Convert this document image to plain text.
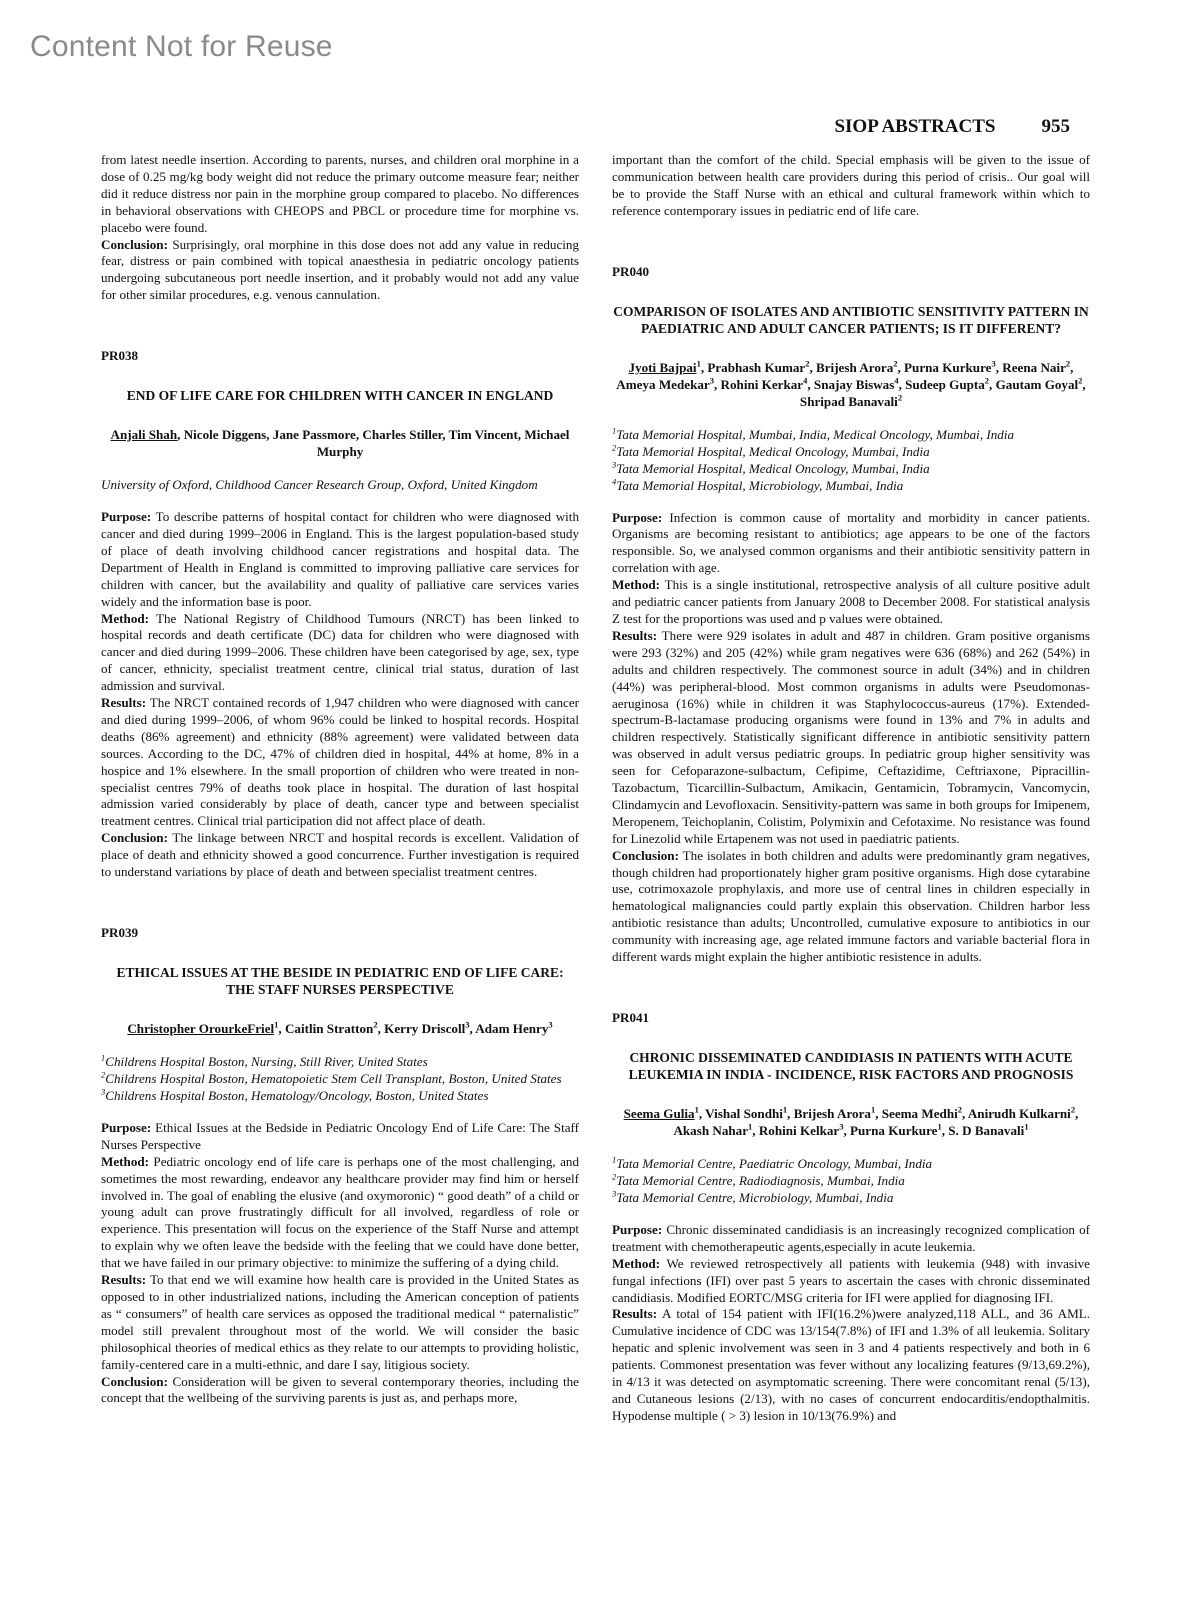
Content Not for Reuse
SIOP ABSTRACTS 955

from latest needle insertion. According to parents, nurses, and children oral morphine in a dose of 0.25 mg/kg body weight did not reduce the primary outcome measure fear; neither did it reduce distress nor pain in the morphine group compared to placebo. No differences in behavioral observations with CHEOPS and PBCL or procedure time for morphine vs. placebo were found.

Conclusion: Surprisingly, oral morphine in this dose does not add any value in reducing fear, distress or pain combined with topical anaesthesia in pediatric oncology patients undergoing subcutaneous port needle insertion, and it probably would not add any value for other similar procedures, e.g. venous cannulation.

PR038

END OF LIFE CARE FOR CHILDREN WITH CANCER IN ENGLAND

Anjali Shah, Nicole Diggens, Jane Passmore, Charles Stiller, Tim Vincent, Michael Murphy

University of Oxford, Childhood Cancer Research Group, Oxford, United Kingdom

Purpose: To describe patterns of hospital contact for children who were diagnosed with cancer and died during 1999–2006 in England. This is the largest population-based study of place of death involving childhood cancer registrations and hospital data. The Department of Health in England is committed to improving palliative care services for children with cancer, but the availability and quality of palliative care services varies widely and the information base is poor.

Method: The National Registry of Childhood Tumours (NRCT) has been linked to hospital records and death certificate (DC) data for children who were diagnosed with cancer and died during 1999–2006. These children have been categorised by age, sex, type of cancer, ethnicity, specialist treatment centre, clinical trial status, duration of last admission and survival.

Results: The NRCT contained records of 1,947 children who were diagnosed with cancer and died during 1999–2006, of whom 96% could be linked to hospital records. Hospital deaths (86% agreement) and ethnicity (88% agreement) were validated between data sources. According to the DC, 47% of children died in hospital, 44% at home, 8% in a hospice and 1% elsewhere. In the small proportion of children who were treated in non-specialist centres 79% of deaths took place in hospital. The duration of last hospital admission varied considerably by place of death, cancer type and between specialist treatment centres. Clinical trial participation did not affect place of death.

Conclusion: The linkage between NRCT and hospital records is excellent. Validation of place of death and ethnicity showed a good concurrence. Further investigation is required to understand variations by place of death and between specialist treatment centres.

PR039

ETHICAL ISSUES AT THE BESIDE IN PEDIATRIC END OF LIFE CARE: THE STAFF NURSES PERSPECTIVE

Christopher OrourkeFriel$^1$, Caitlin Stratton$^2$, Kerry Driscoll$^3$, Adam Henry$^3$

$^1$Childrens Hospital Boston, Nursing, Still River, United States
$^2$Childrens Hospital Boston, Hematopoietic Stem Cell Transplant, Boston, United States
$^3$Childrens Hospital Boston, Hematology/Oncology, Boston, United States

Purpose: Ethical Issues at the Bedside in Pediatric Oncology End of Life Care: The Staff Nurses Perspective

Method: Pediatric oncology end of life care is perhaps one of the most challenging, and sometimes the most rewarding, endeavor any healthcare provider may find him or herself involved in. The goal of enabling the elusive (and oxymoronic) “ good death” of a child or young adult can prove frustratingly difficult for all involved, regardless of role or experience. This presentation will focus on the experience of the Staff Nurse and attempt to explain why we often leave the bedside with the feeling that we could have done better, that we have failed in our primary objective: to minimize the suffering of a dying child.

Results: To that end we will examine how health care is provided in the United States as opposed to in other industrialized nations, including the American conception of patients as “ consumers” of health care services as opposed the traditional medical “ paternalistic” model still prevalent throughout most of the world. We will consider the basic philosophical theories of medical ethics as they relate to our attempts to providing holistic, family-centered care in a multi-ethnic, and dare I say, litigious society.

Conclusion: Consideration will be given to several contemporary theories, including the concept that the wellbeing of the surviving parents is just as, and perhaps more,

important than the comfort of the child. Special emphasis will be given to the issue of communication between health care providers during this period of crisis.. Our goal will be to provide the Staff Nurse with an ethical and cultural framework within which to reference contemporary issues in pediatric end of life care.

PR040

COMPARISON OF ISOLATES AND ANTIBIOTIC SENSITIVITY PATTERN IN PAEDIATRIC AND ADULT CANCER PATIENTS; IS IT DIFFERENT?

Jyoti Bajpai$^1$, Prabhash Kumar$^2$, Brijesh Arora$^2$, Purna Kurkure$^3$, Reena Nair$^2$, Ameya Medekar$^3$, Rohini Kerkar$^4$, Snajay Biswas$^4$, Sudeep Gupta$^2$, Gautam Goyal$^2$, Shripad Banavali$^2$

$^1$Tata Memorial Hospital, Mumbai, India, Medical Oncology, Mumbai, India
$^2$Tata Memorial Hospital, Medical Oncology, Mumbai, India
$^3$Tata Memorial Hospital, Medical Oncology, Mumbai, India
$^4$Tata Memorial Hospital, Microbiology, Mumbai, India

Purpose: Infection is common cause of mortality and morbidity in cancer patients. Organisms are becoming resistant to antibiotics; age appears to be one of the factors responsible. So, we analysed common organisms and their antibiotic sensitivity pattern in correlation with age.

Method: This is a single institutional, retrospective analysis of all culture positive adult and pediatric cancer patients from January 2008 to December 2008. For statistical analysis Z test for the proportions was used and p values were obtained.

Results: There were 929 isolates in adult and 487 in children. Gram positive organisms were 293 (32%) and 205 (42%) while gram negatives were 636 (68%) and 262 (54%) in adults and children respectively. The commonest source in adult (34%) and in children (44%) was peripheral-blood. Most common organisms in adults were Pseudomonas- aeruginosa (16%) while in children it was Staphylococcus-aureus (17%). Extended-spectrum-B-lactamase producing organisms were found in 13% and 7% in adults and children respectively. Statistically significant difference in antibiotic sensitivity pattern was observed in adult versus pediatric groups. In pediatric group higher sensitivity was seen for Cefoparazone-sulbactum, Cefipime, Ceftazidime, Ceftriaxone, Pipracillin-Tazobactum, Ticarcillin-Sulbactum, Amikacin, Gentamicin, Tobramycin, Vancomycin, Clindamycin and Levofloxacin. Sensitivity-pattern was same in both groups for Imipenem, Meropenem, Teichoplanin, Colistim, Polymixin and Cefotaxime. No resistance was found for Linezolid while Ertapenem was not used in paediatric patients.

Conclusion: The isolates in both children and adults were predominantly gram negatives, though children had proportionately higher gram positive organisms. High dose cytarabine use, cotrimoxazole prophylaxis, and more use of central lines in children especially in hematological malignancies could partly explain this observation. Children harbor less antibiotic resistance than adults; Uncontrolled, cumulative exposure to antibiotics in our community with increasing age, age related immune factors and variable bacterial flora in different wards might explain the higher antibiotic resistence in adults.

PR041

CHRONIC DISSEMINATED CANDIDIASIS IN PATIENTS WITH ACUTE LEUKEMIA IN INDIA - INCIDENCE, RISK FACTORS AND PROGNOSIS

Seema Gulia$^1$, Vishal Sondhi$^1$, Brijesh Arora$^1$, Seema Medhi$^2$, Anirudh Kulkarni$^2$, Akash Nahar$^1$, Rohini Kelkar$^3$, Purna Kurkure$^1$, S. D Banavali$^1$

$^1$Tata Memorial Centre, Paediatric Oncology, Mumbai, India
$^2$Tata Memorial Centre, Radiodiagnosis, Mumbai, India
$^3$Tata Memorial Centre, Microbiology, Mumbai, India

Purpose: Chronic disseminated candidiasis is an increasingly recognized complication of treatment with chemotherapeutic agents,especially in acute leukemia.

Method: We reviewed retrospectively all patients with leukemia (948) with invasive fungal infections (IFI) over past 5 years to ascertain the cases with chronic disseminated candidiasis. Modified EORTC/MSG criteria for IFI were applied for diagnosing IFI.

Results: A total of 154 patient with IFI(16.2%)were analyzed,118 ALL, and 36 AML. Cumulative incidence of CDC was 13/154(7.8%) of IFI and 1.3% of all leukemia. Solitary hepatic and splenic involvement was seen in 3 and 4 patients respectively and both in 6 patients. Commonest presentation was fever without any localizing features (9/13,69.2%), in 4/13 it was detected on asymptomatic screening. There were concomitant renal (5/13), and Cutaneous lesions (2/13), with no cases of concurrent endocarditis/endopthalmitis. Hypodense multiple ( > 3) lesion in 10/13(76.9%) and
